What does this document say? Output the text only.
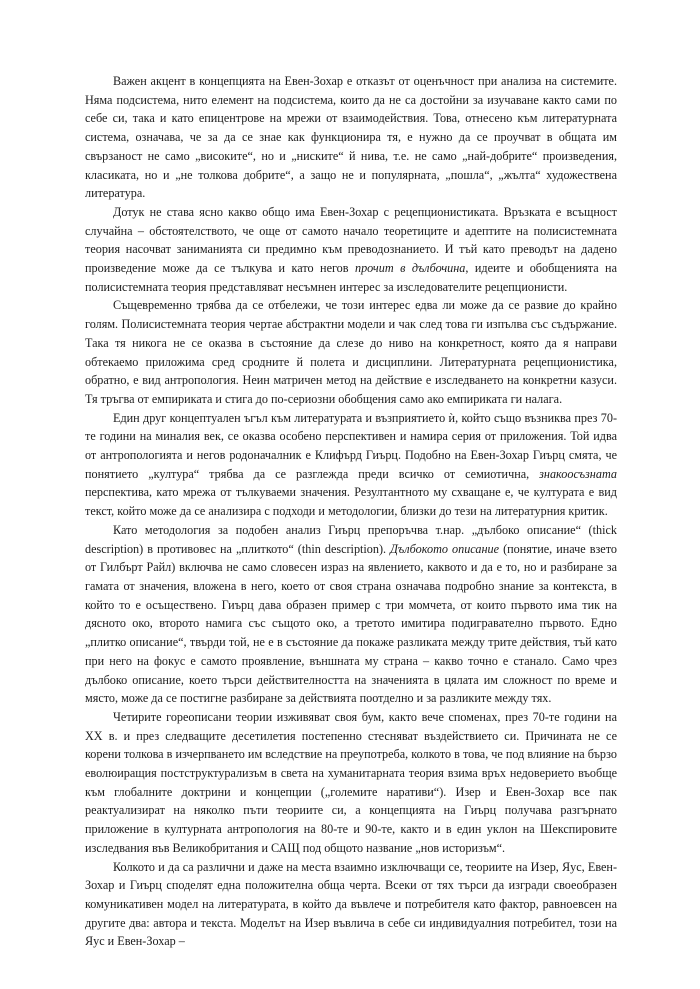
Важен акцент в концепцията на Евен-Зохар е отказът от оценъчност при анализа на системите. Няма подсистема, нито елемент на подсистема, които да не са достойни за изучаване както сами по себе си, така и като епицентрове на мрежи от взаимодействия. Това, отнесено към литературната система, означава, че за да се знае как функционира тя, е нужно да се проучват в общата им свързаност не само „високите“, но и „ниските“ й нива, т.е. не само „най-добрите“ произведения, класиката, но и „не толкова добрите“, а защо не и популярната, „пошла“, „жълта“ художествена литература.

Дотук не става ясно какво общо има Евен-Зохар с рецепционистиката. Връзката е всъщност случайна – обстоятелството, че още от самото начало теоретиците и адептите на полисистемната теория насочват заниманията си предимно към преводознанието. И тъй като преводът на дадено произведение може да се тълкува и като негов прочит в дълбочина, идеите и обобщенията на полисистемната теория представляват несъмнен интерес за изследователите рецепционисти.

Същевременно трябва да се отбележи, че този интерес едва ли може да се развие до крайно голям. Полисистемната теория чертае абстрактни модели и чак след това ги изпълва със съдържание. Така тя никога не се оказва в състояние да слезе до ниво на конкретност, която да я направи обтекаемо приложима сред сродните й полета и дисциплини. Литературната рецепционистика, обратно, е вид антропология. Неин матричен метод на действие е изследването на конкретни казуси. Тя тръгва от емпириката и стига до по-сериозни обобщения само ако емпириката ги налага.

Един друг концептуален ъгъл към литературата и възприятието ѝ, който също възниква през 70-те години на миналия век, се оказва особено перспективен и намира серия от приложения. Той идва от антропологията и негов родоначалник е Клифърд Гиърц. Подобно на Евен-Зохар Гиърц смята, че понятието „култура“ трябва да се разглежда преди всичко от семиотична, знакоосъзната перспектива, като мрежа от тълкуваеми значения. Резултантното му схващане е, че културата е вид текст, който може да се анализира с подходи и методологии, близки до тези на литературния критик.

Като методология за подобен анализ Гиърц препоръчва т.нар. „дълбоко описание“ (thick description) в противовес на „плиткото“ (thin description). Дълбокото описание (понятие, иначе взето от Гилбърт Райл) включва не само словесен израз на явлението, каквото и да е то, но и разбиране за гамата от значения, вложена в него, което от своя страна означава подробно знание за контекста, в който то е осъществено. Гиърц дава образен пример с три момчета, от които първото има тик на дясното око, второто намига със същото око, а третото имитира подигравателно първото. Едно „плитко описание“, твърди той, не е в състояние да покаже разликата между трите действия, тъй като при него на фокус е самото проявление, външната му страна – какво точно е станало. Само чрез дълбоко описание, което търси действителността на значенията в цялата им сложност по време и място, може да се постигне разбиране за действията поотделно и за разликите между тях.

Четирите гореописани теории изживяват своя бум, както вече споменах, през 70-те години на XX в. и през следващите десетилетия постепенно стесняват въздействието си. Причината не се корени толкова в изчерпването им вследствие на преупотреба, колкото в това, че под влияние на бързо еволюиращия постструктурализъм в света на хуманитарната теория взима връх недоверието въобще към глобалните доктрини и концепции („големите наративи“). Изер и Евен-Зохар все пак реактуализират на няколко пъти теориите си, а концепцията на Гиърц получава разгърнато приложение в културната антропология на 80-те и 90-те, както и в един уклон на Шекспировите изследвания във Великобритания и САЩ под общото название „нов историзъм“.

Колкото и да са различни и даже на места взаимно изключващи се, теориите на Изер, Яус, Евен-Зохар и Гиърц споделят една положителна обща черта. Всеки от тях търси да изгради своеобразен комуникативен модел на литературата, в който да въвлече и потребителя като фактор, равноевсен на другите два: автора и текста. Моделът на Изер въвлича в себе си индивидуалния потребител, този на Яус и Евен-Зохар –
